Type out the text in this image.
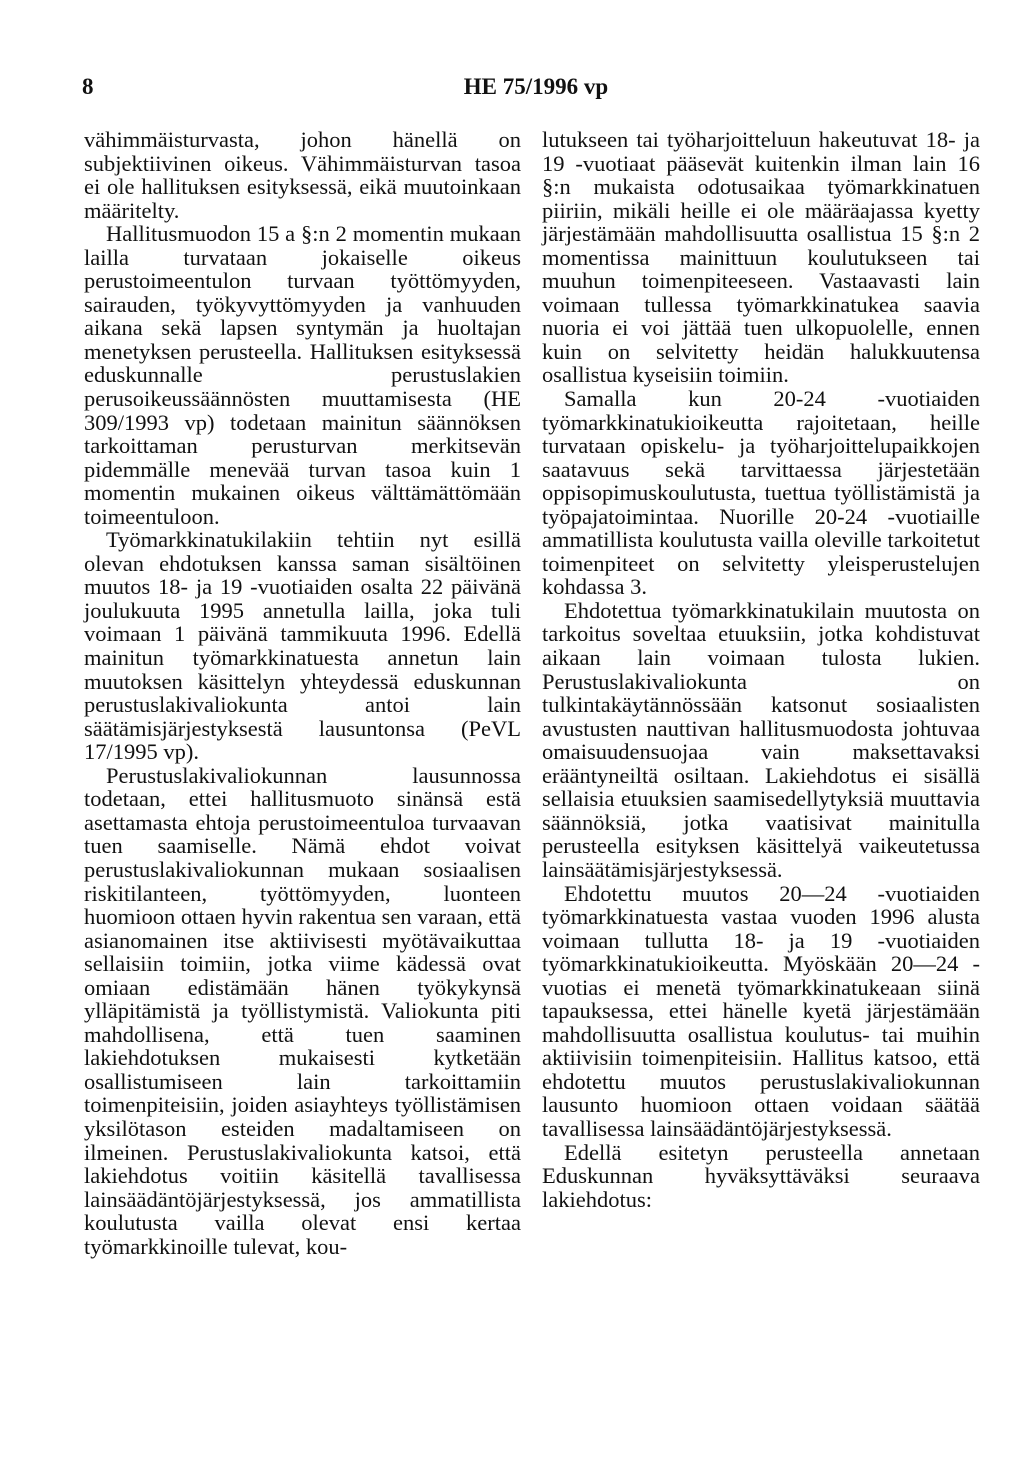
8	HE 75/1996 vp

vähimmäisturvasta, johon hänellä on subjektiivinen oikeus. Vähimmäisturvan tasoa ei ole hallituksen esityksessä, eikä muutoinkaan määritelty.

Hallitusmuodon 15 a §:n 2 momentin mukaan lailla turvataan jokaiselle oikeus perustoimeentulon turvaan työttömyyden, sairauden, työkyvyttömyyden ja vanhuuden aikana sekä lapsen syntymän ja huoltajan menetyksen perusteella. Hallituksen esityksessä eduskunnalle perustuslakien perusoikeussäännösten muuttamisesta (HE 309/1993 vp) todetaan mainitun säännöksen tarkoittaman perusturvan merkitsevän pidemmälle menevää turvan tasoa kuin 1 momentin mukainen oikeus välttämättömään toimeentuloon.

Työmarkkinatukilakiin tehtiin nyt esillä olevan ehdotuksen kanssa saman sisältöinen muutos 18- ja 19 -vuotiaiden osalta 22 päivänä joulukuuta 1995 annetulla lailla, joka tuli voimaan 1 päivänä tammikuuta 1996. Edellä mainitun työmarkkinatuesta annetun lain muutoksen käsittelyn yhteydessä eduskunnan perustuslakivaliokunta antoi lain säätämisjärjestyksestä lausuntonsa (PeVL 17/1995 vp).

Perustuslakivaliokunnan lausunnossa todetaan, ettei hallitusmuoto sinänsä estä asettamasta ehtoja perustoimeentuloa turvaavan tuen saamiselle. Nämä ehdot voivat perustuslakivaliokunnan mukaan sosiaalisen riskitilanteen, työttömyyden, luonteen huomioon ottaen hyvin rakentua sen varaan, että asianomainen itse aktiivisesti myötävaikuttaa sellaisiin toimiin, jotka viime kädessä ovat omiaan edistämään hänen työkykynsä ylläpitämistä ja työllistymistä. Valiokunta piti mahdollisena, että tuen saaminen lakiehdotuksen mukaisesti kytketään osallistumiseen lain tarkoittamiin toimenpiteisiin, joiden asiayhteys työllistämisen yksilötason esteiden madaltamiseen on ilmeinen. Perustuslakivaliokunta katsoi, että lakiehdotus voitiin käsitellä tavallisessa lainsäädäntöjärjestyksessä, jos ammatillista koulutusta vailla olevat ensi kertaa työmarkkinoille tulevat, kou-

lutukseen tai työharjoitteluun hakeutuvat 18- ja 19 -vuotiaat pääsevät kuitenkin ilman lain 16 §:n mukaista odotusaikaa työmarkkinatuen piiriin, mikäli heille ei ole määräajassa kyetty järjestämään mahdollisuutta osallistua 15 §:n 2 momentissa mainittuun koulutukseen tai muuhun toimenpiteeseen. Vastaavasti lain voimaan tullessa työmarkkinatukea saavia nuoria ei voi jättää tuen ulkopuolelle, ennen kuin on selvitetty heidän halukkuutensa osallistua kyseisiin toimiin.

Samalla kun 20-24 -vuotiaiden työmarkkinatukioikeutta rajoitetaan, heille turvataan opiskelu- ja työharjoittelupaikkojen saatavuus sekä tarvittaessa järjestetään oppisopimuskoulutusta, tuettua työllistämistä ja työpajatoimintaa. Nuorille 20-24 -vuotiaille ammatillista koulutusta vailla oleville tarkoitetut toimenpiteet on selvitetty yleisperustelujen kohdassa 3.

Ehdotettua työmarkkinatukilain muutosta on tarkoitus soveltaa etuuksiin, jotka kohdistuvat aikaan lain voimaan tulosta lukien. Perustuslakivaliokunta on tulkintakäytännössään katsonut sosiaalisten avustusten nauttivan hallitusmuodosta johtuvaa omaisuudensuojaa vain maksettavaksi erääntyneiltä osiltaan. Lakiehdotus ei sisällä sellaisia etuuksien saamisedellytyksiä muuttavia säännöksiä, jotka vaatisivat mainitulla perusteella esityksen käsittelyä vaikeutetussa lainsäätämisjärjestyksessä.

Ehdotettu muutos 20—24 -vuotiaiden työmarkkinatuesta vastaa vuoden 1996 alusta voimaan tullutta 18- ja 19 -vuotiaiden työmarkkinatukioikeutta. Myöskään 20—24 -vuotias ei menetä työmarkkinatukeaan siinä tapauksessa, ettei hänelle kyetä järjestämään mahdollisuutta osallistua koulutus- tai muihin aktiivisiin toimenpiteisiin. Hallitus katsoo, että ehdotettu muutos perustuslakivaliokunnan lausunto huomioon ottaen voidaan säätää tavallisessa lainsäädäntöjärjestyksessä.

Edellä esitetyn perusteella annetaan Eduskunnan hyväksyttäväksi seuraava lakiehdotus:
